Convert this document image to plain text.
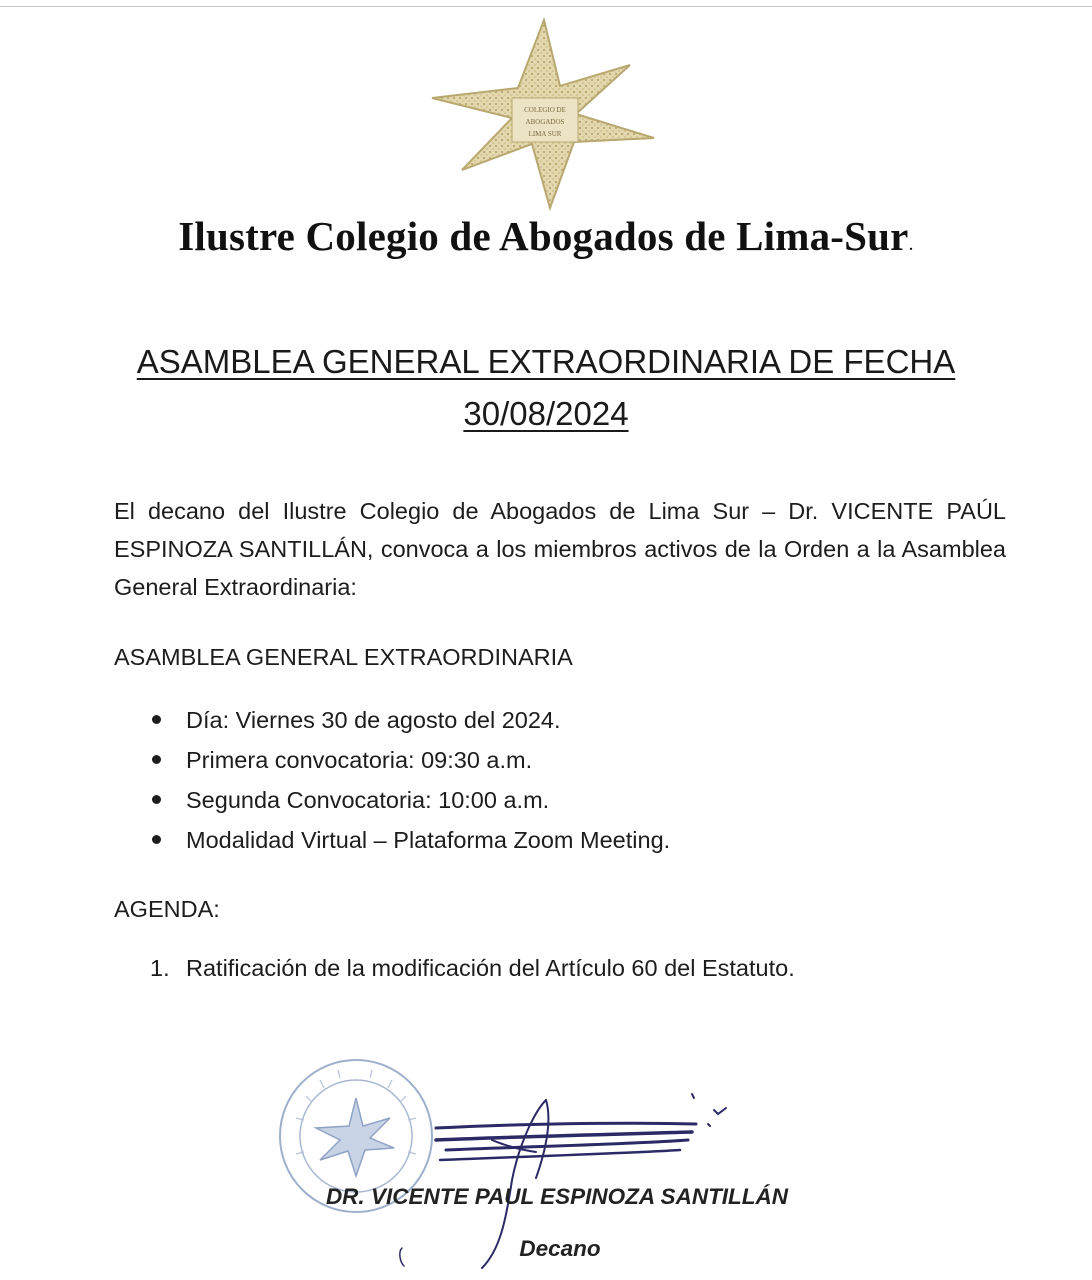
COLEGIO DE
ABOGADOS
LIMA SUR
Ilustre Colegio de Abogados de Lima-Sur.
ASAMBLEA GENERAL EXTRAORDINARIA DE FECHA
30/08/2024

El decano del Ilustre Colegio de Abogados de Lima Sur – Dr. VICENTE PAÚL ESPINOZA SANTILLÁN, convoca a los miembros activos de la Orden a la Asamblea General Extraordinaria:

ASAMBLEA GENERAL EXTRAORDINARIA
Día: Viernes 30 de agosto del 2024.
Primera convocatoria: 09:30 a.m.
Segunda Convocatoria: 10:00 a.m.
Modalidad Virtual – Plataforma Zoom Meeting.
AGENDA:
1. Ratificación de la modificación del Artículo 60 del Estatuto.
DR. VICENTE PAUL ESPINOZA SANTILLÁN
Decano
